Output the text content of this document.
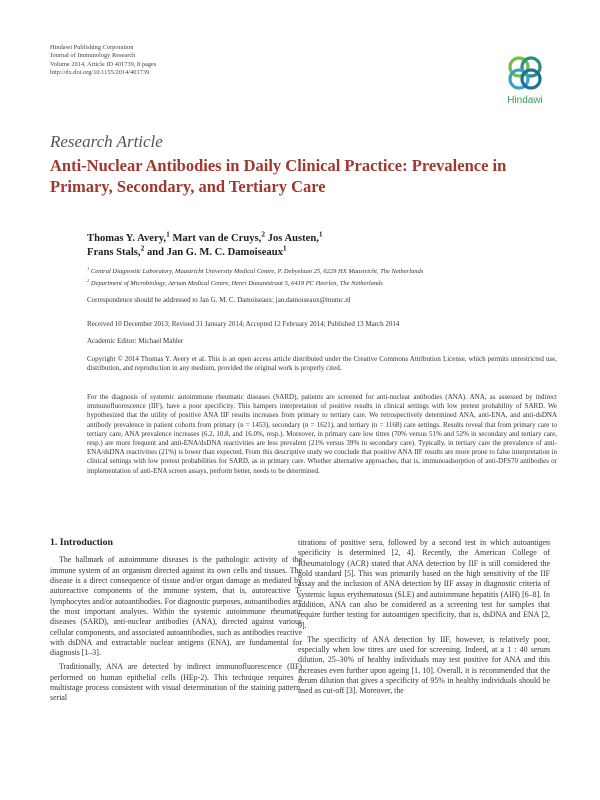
Hindawi Publishing Corporation
Journal of Immunology Research
Volume 2014, Article ID 401739, 8 pages
http://dx.doi.org/10.1155/2014/401739
Hindawi
Research Article
Anti-Nuclear Antibodies in Daily Clinical Practice: Prevalence in Primary, Secondary, and Tertiary Care
Thomas Y. Avery,$^1$ Mart van de Cruys,$^2$ Jos Austen,$^1$
Frans Stals,$^2$ and Jan G. M. C. Damoiseaux$^1$
$^1$ Central Diagnostic Laboratory, Maastricht University Medical Centre, P. Debyelaan 25, 6229 HX Maastricht, The Netherlands
$^2$ Department of Microbiology, Atrium Medical Centre, Henri Dunantstraat 5, 6419 PC Heerlen, The Netherlands
Correspondence should be addressed to Jan G. M. C. Damoiseaux; jan.damoiseaux@mumc.nl
Received 10 December 2013; Revised 31 January 2014; Accepted 12 February 2014; Published 13 March 2014
Academic Editor: Michael Mahler
Copyright © 2014 Thomas Y. Avery et al. This is an open access article distributed under the Creative Commons Attribution License, which permits unrestricted use, distribution, and reproduction in any medium, provided the original work is properly cited.
For the diagnosis of systemic autoimmune rheumatic diseases (SARD), patients are screened for anti-nuclear antibodies (ANA). ANA, as assessed by indirect immunofluorescence (IIF), have a poor specificity. This hampers interpretation of positive results in clinical settings with low pretest probability of SARD. We hypothesized that the utility of positive ANA IIF results increases from primary to tertiary care. We retrospectively determined ANA, anti-ENA, and anti-dsDNA antibody prevalence in patient cohorts from primary (n = 1453), secondary (n = 1621), and tertiary (n = 1168) care settings. Results reveal that from primary care to tertiary care, ANA prevalence increases (6.2, 10.8, and 16.0%, resp.). Moreover, in primary care low titres (70% versus 51% and 52% in secondary and tertiary care, resp.) are more frequent and anti-ENA/dsDNA reactivities are less prevalent (21% versus 39% in secondary care). Typically, in tertiary care the prevalence of anti-ENA/dsDNA reactivities (21%) is lower than expected. From this descriptive study we conclude that positive ANA IIF results are more prone to false interpretation in clinical settings with low pretest probabilities for SARD, as in primary care. Whether alternative approaches, that is, immunoadsorption of anti-DFS70 antibodies or implementation of anti-ENA screen assays, perform better, needs to be determined.
1. Introduction

The hallmark of autoimmune diseases is the pathologic activity of the immune system of an organism directed against its own cells and tissues. The disease is a direct consequence of tissue and/or organ damage as mediated by autoreactive components of the immune system, that is, autoreactive T-lymphocytes and/or autoantibodies. For diagnostic purposes, autoantibodies are the most important analytes. Within the systemic autoimmune rheumatic diseases (SARD), anti-nuclear antibodies (ANA), directed against various cellular components, and associated autoantibodies, such as antibodies reactive with dsDNA and extractable nuclear antigens (ENA), are fundamental for diagnosis [1–3].

Traditionally, ANA are detected by indirect immunofluorescence (IIF) performed on human epithelial cells (HEp-2). This technique requires a multistage process consistent with visual determination of the staining pattern, serial

titrations of positive sera, followed by a second test in which autoantigen specificity is determined [2, 4]. Recently, the American College of Rheumatology (ACR) stated that ANA detection by IIF is still considered the gold standard [5]. This was primarily based on the high sensitivity of the IIF assay and the inclusion of ANA detection by IIF assay in diagnostic criteria of systemic lupus erythematosus (SLE) and autoimmune hepatitis (AIH) [6–8]. In addition, ANA can also be considered as a screening test for samples that require further testing for autoantigen specificity, that is, dsDNA and ENA [2, 9].

The specificity of ANA detection by IIF, however, is relatively poor, especially when low titres are used for screening. Indeed, at a 1 : 40 serum dilution, 25–30% of healthy individuals may test positive for ANA and this increases even further upon ageing [1, 10]. Overall, it is recommended that the serum dilution that gives a specificity of 95% in healthy individuals should be used as cut-off [3]. Moreover, the
